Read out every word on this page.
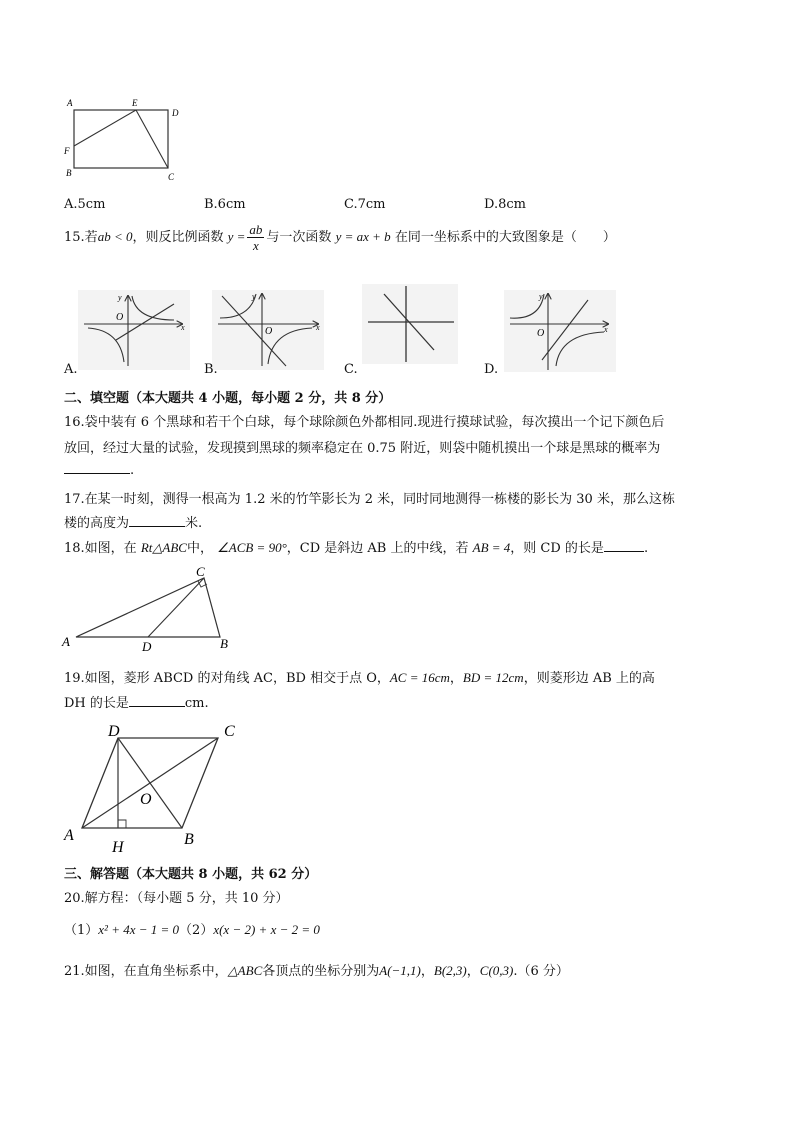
A	E
D
F
B	C
A.5cm	B.6cm	C.7cm	D.8cm
15.若ab < 0，则反比例函数 $y = \frac{ab}{x}$ 与一次函数 y = ax + b 在同一坐标系中的大致图象是（　　）
x
y
O
A.
x
y
O
B.	C.
x
y
O
D.
二、填空题（本大题共 4 小题，每小题 2 分，共 8 分）
16.袋中装有 6 个黑球和若干个白球，每个球除颜色外都相同.现进行摸球试验，每次摸出一个记下颜色后
放回，经过大量的试验，发现摸到黑球的频率稳定在 0.75 附近，则袋中随机摸出一个球是黑球的概率为
.
17.在某一时刻，测得一根高为 1.2 米的竹竿影长为 2 米，同时同地测得一栋楼的影长为 30 米，那么这栋
楼的高度为	米.
18.如图，在 Rt△ABC中， ∠ACB = 90°，CD 是斜边 AB 上的中线，若 AB = 4，则 CD 的长是	.
A
C
D	B
19.如图，菱形 ABCD 的对角线 AC，BD 相交于点 O，AC = 16cm，BD = 12cm，则菱形边 AB 上的高
DH 的长是	cm.
D	C
O
A
H	B
三、解答题（本大题共 8 小题，共 62 分）
20.解方程：（每小题 5 分，共 10 分）
（1）x² + 4x − 1 = 0（2）x(x − 2) + x − 2 = 0
21.如图，在直角坐标系中，△ABC各顶点的坐标分别为A(−1,1)，B(2,3)，C(0,3).（6 分）
